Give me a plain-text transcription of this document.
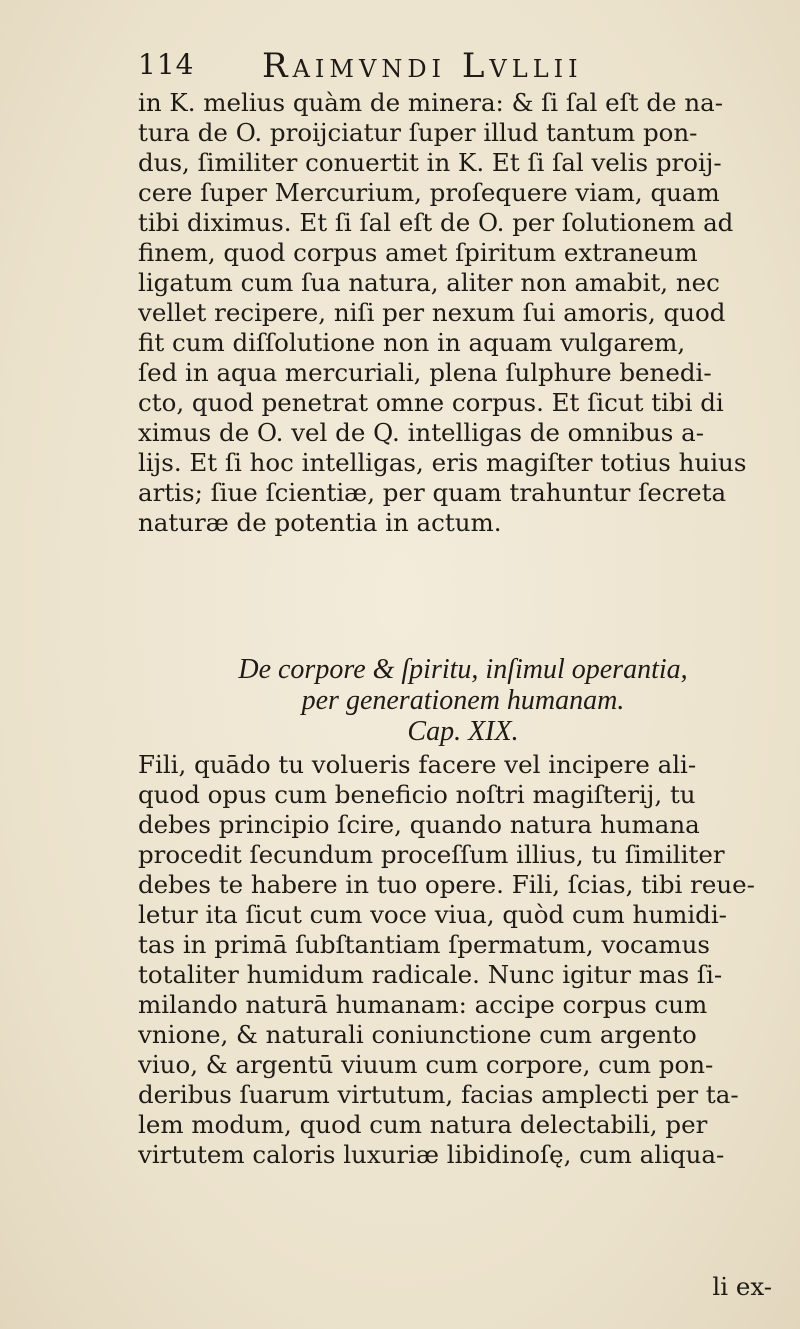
114 Raimvndi Lvllii
in K. melius quàm de minera: & ſi ſal eſt de na-
tura de O. proijciatur ſuper illud tantum pon-
dus, ſimiliter conuertit in K. Et ſi ſal velis proij-
cere ſuper Mercurium, proſequere viam, quam
tibi diximus. Et ſi ſal eſt de O. per ſolutionem ad
finem, quod corpus amet ſpiritum extraneum
ligatum cum ſua natura, aliter non amabit, nec
vellet recipere, niſi per nexum ſui amoris, quod
fit cum diſſolutione non in aquam vulgarem,
ſed in aqua mercuriali, plena ſulphure benedi-
cto, quod penetrat omne corpus. Et ſicut tibi di
ximus de O. vel de Q. intelligas de omnibus a-
lijs. Et ſi hoc intelligas, eris magiſter totius huius
artis; ſiue ſcientiæ, per quam trahuntur ſecreta
naturæ de potentia in actum.
De corpore & ſpiritu, inſimul operantia,
per generationem humanam.
Cap. XIX.
Fili, quādo tu volueris facere vel incipere ali-
quod opus cum beneficio noſtri magiſterij, tu
debes principio ſcire, quando natura humana
procedit ſecundum proceſſum illius, tu ſimiliter
debes te habere in tuo opere. Fili, ſcias, tibi reue-
letur ita ſicut cum voce viua, quòd cum humidi-
tas in primā ſubſtantiam ſpermatum, vocamus
totaliter humidum radicale. Nunc igitur mas ſi-
milando naturā humanam: accipe corpus cum
vnione, & naturali coniunctione cum argento
viuo, & argentū viuum cum corpore, cum pon-
deribus ſuarum virtutum, facias amplecti per ta-
lem modum, quod cum natura delectabili, per
virtutem caloris luxuriæ libidinoſę, cum aliqua-
li ex-
